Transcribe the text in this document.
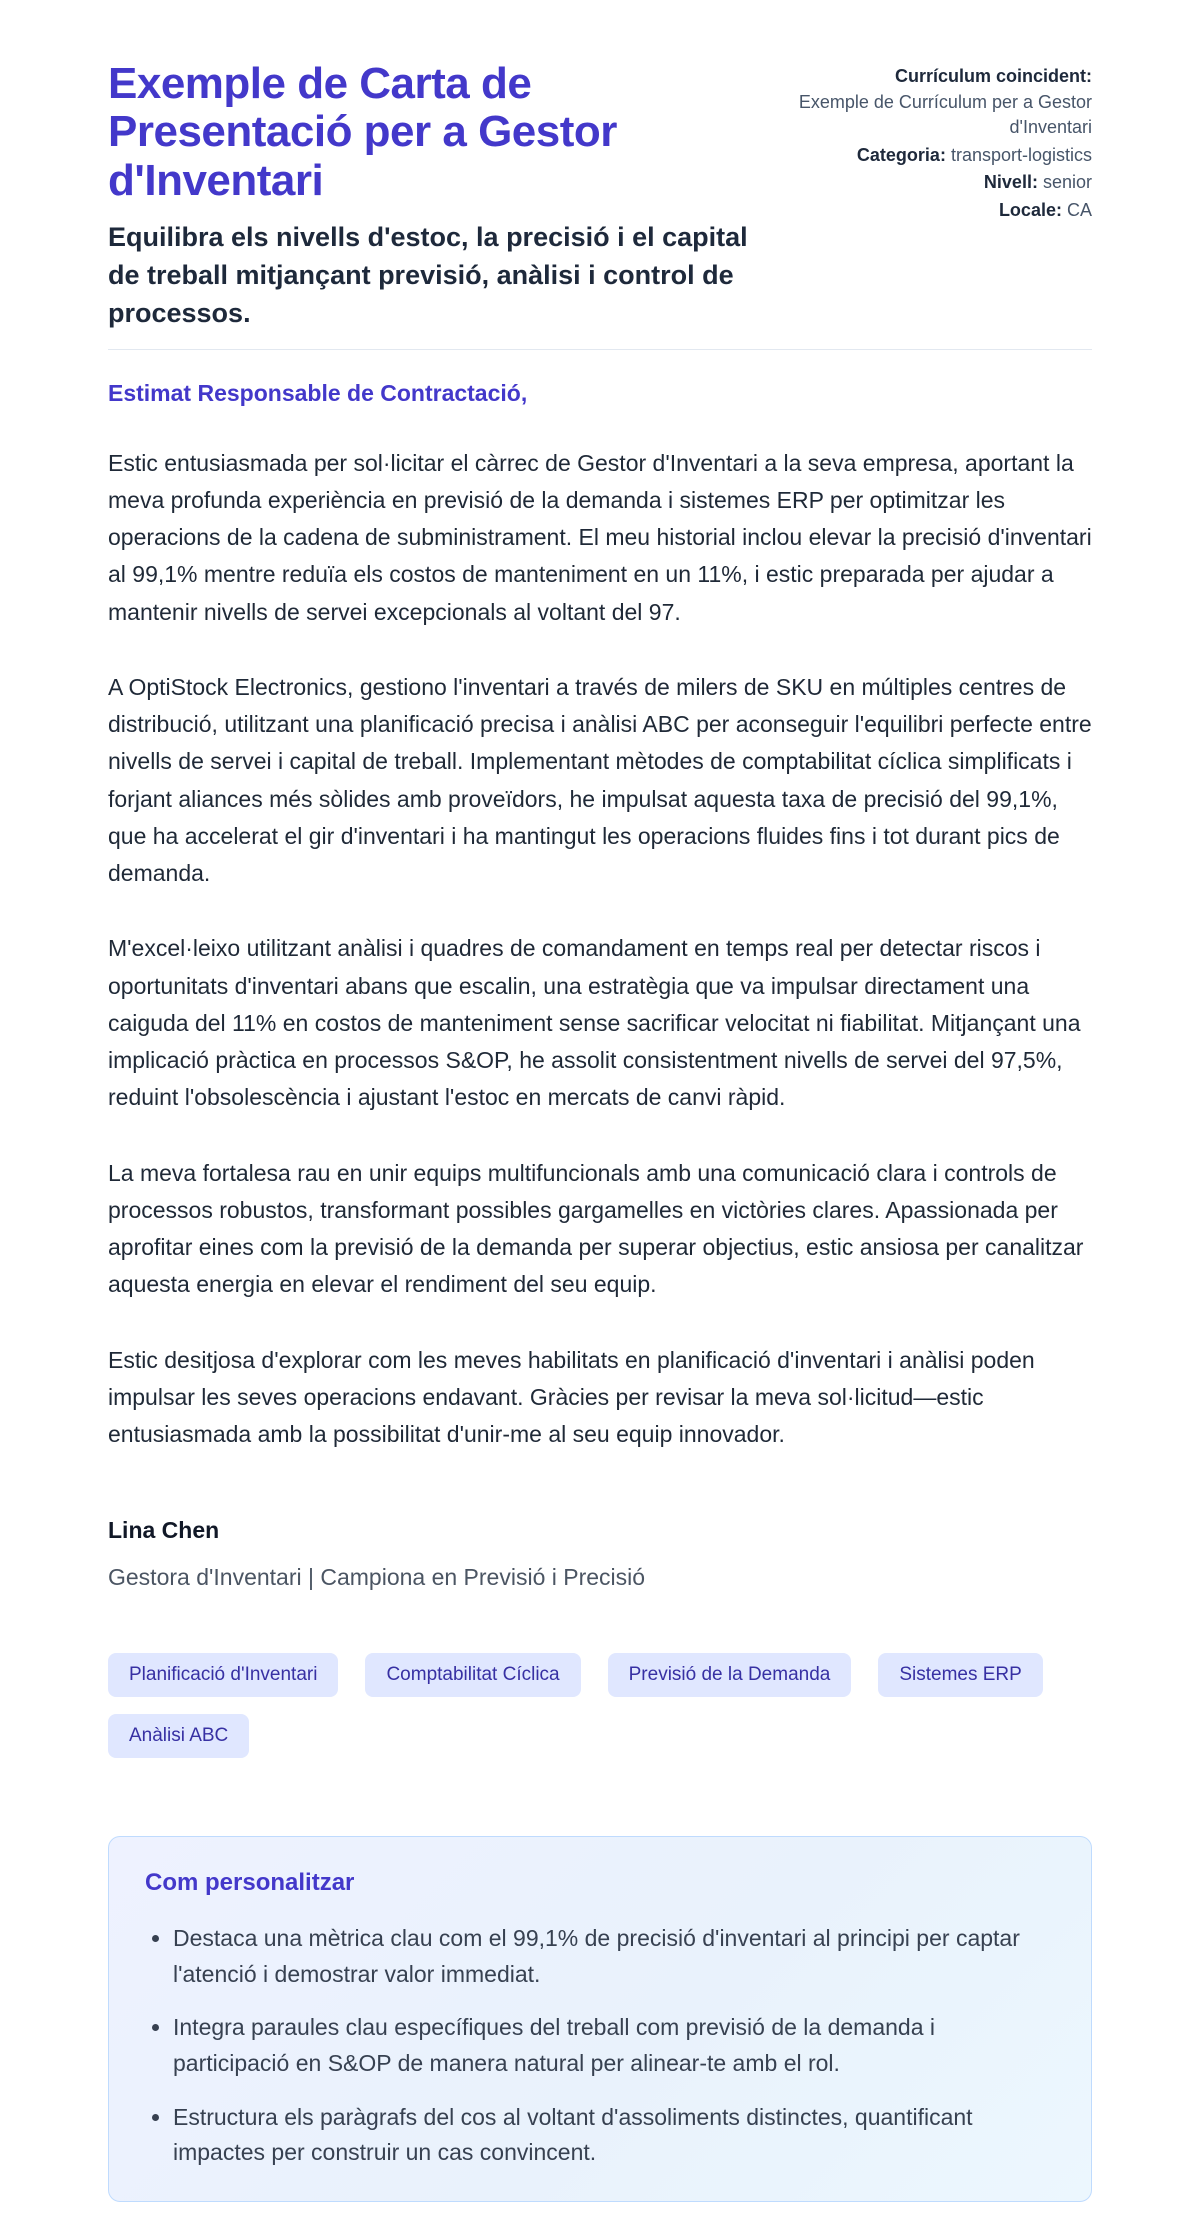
Exemple de Carta de Presentació per a Gestor d'Inventari

Equilibra els nivells d'estoc, la precisió i el capital de treball mitjançant previsió, anàlisi i control de processos.

Currículum coincident:
Exemple de Currículum per a Gestor d'Inventari
Categoria: transport-logistics
Nivell: senior
Locale: CA

Estimat Responsable de Contractació,

Estic entusiasmada per sol·licitar el càrrec de Gestor d'Inventari a la seva empresa, aportant la meva profunda experiència en previsió de la demanda i sistemes ERP per optimitzar les operacions de la cadena de subministrament. El meu historial inclou elevar la precisió d'inventari al 99,1% mentre reduïa els costos de manteniment en un 11%, i estic preparada per ajudar a mantenir nivells de servei excepcionals al voltant del 97.

A OptiStock Electronics, gestiono l'inventari a través de milers de SKU en múltiples centres de distribució, utilitzant una planificació precisa i anàlisi ABC per aconseguir l'equilibri perfecte entre nivells de servei i capital de treball. Implementant mètodes de comptabilitat cíclica simplificats i forjant aliances més sòlides amb proveïdors, he impulsat aquesta taxa de precisió del 99,1%, que ha accelerat el gir d'inventari i ha mantingut les operacions fluides fins i tot durant pics de demanda.

M'excel·leixo utilitzant anàlisi i quadres de comandament en temps real per detectar riscos i oportunitats d'inventari abans que escalin, una estratègia que va impulsar directament una caiguda del 11% en costos de manteniment sense sacrificar velocitat ni fiabilitat. Mitjançant una implicació pràctica en processos S&OP, he assolit consistentment nivells de servei del 97,5%, reduint l'obsolescència i ajustant l'estoc en mercats de canvi ràpid.

La meva fortalesa rau en unir equips multifuncionals amb una comunicació clara i controls de processos robustos, transformant possibles gargamelles en victòries clares. Apassionada per aprofitar eines com la previsió de la demanda per superar objectius, estic ansiosa per canalitzar aquesta energia en elevar el rendiment del seu equip.

Estic desitjosa d'explorar com les meves habilitats en planificació d'inventari i anàlisi poden impulsar les seves operacions endavant. Gràcies per revisar la meva sol·licitud—estic entusiasmada amb la possibilitat d'unir-me al seu equip innovador.

Lina Chen

Gestora d'Inventari | Campiona en Previsió i Precisió

Planificació d'Inventari	Comptabilitat Cíclica	Previsió de la Demanda	Sistemes ERP
Anàlisi ABC
Com personalitzar
• Destaca una mètrica clau com el 99,1% de precisió d'inventari al principi per captar l'atenció i demostrar valor immediat.
• Integra paraules clau específiques del treball com previsió de la demanda i participació en S&OP de manera natural per alinear-te amb el rol.
• Estructura els paràgrafs del cos al voltant d'assoliments distinctes, quantificant impactes per construir un cas convincent.
